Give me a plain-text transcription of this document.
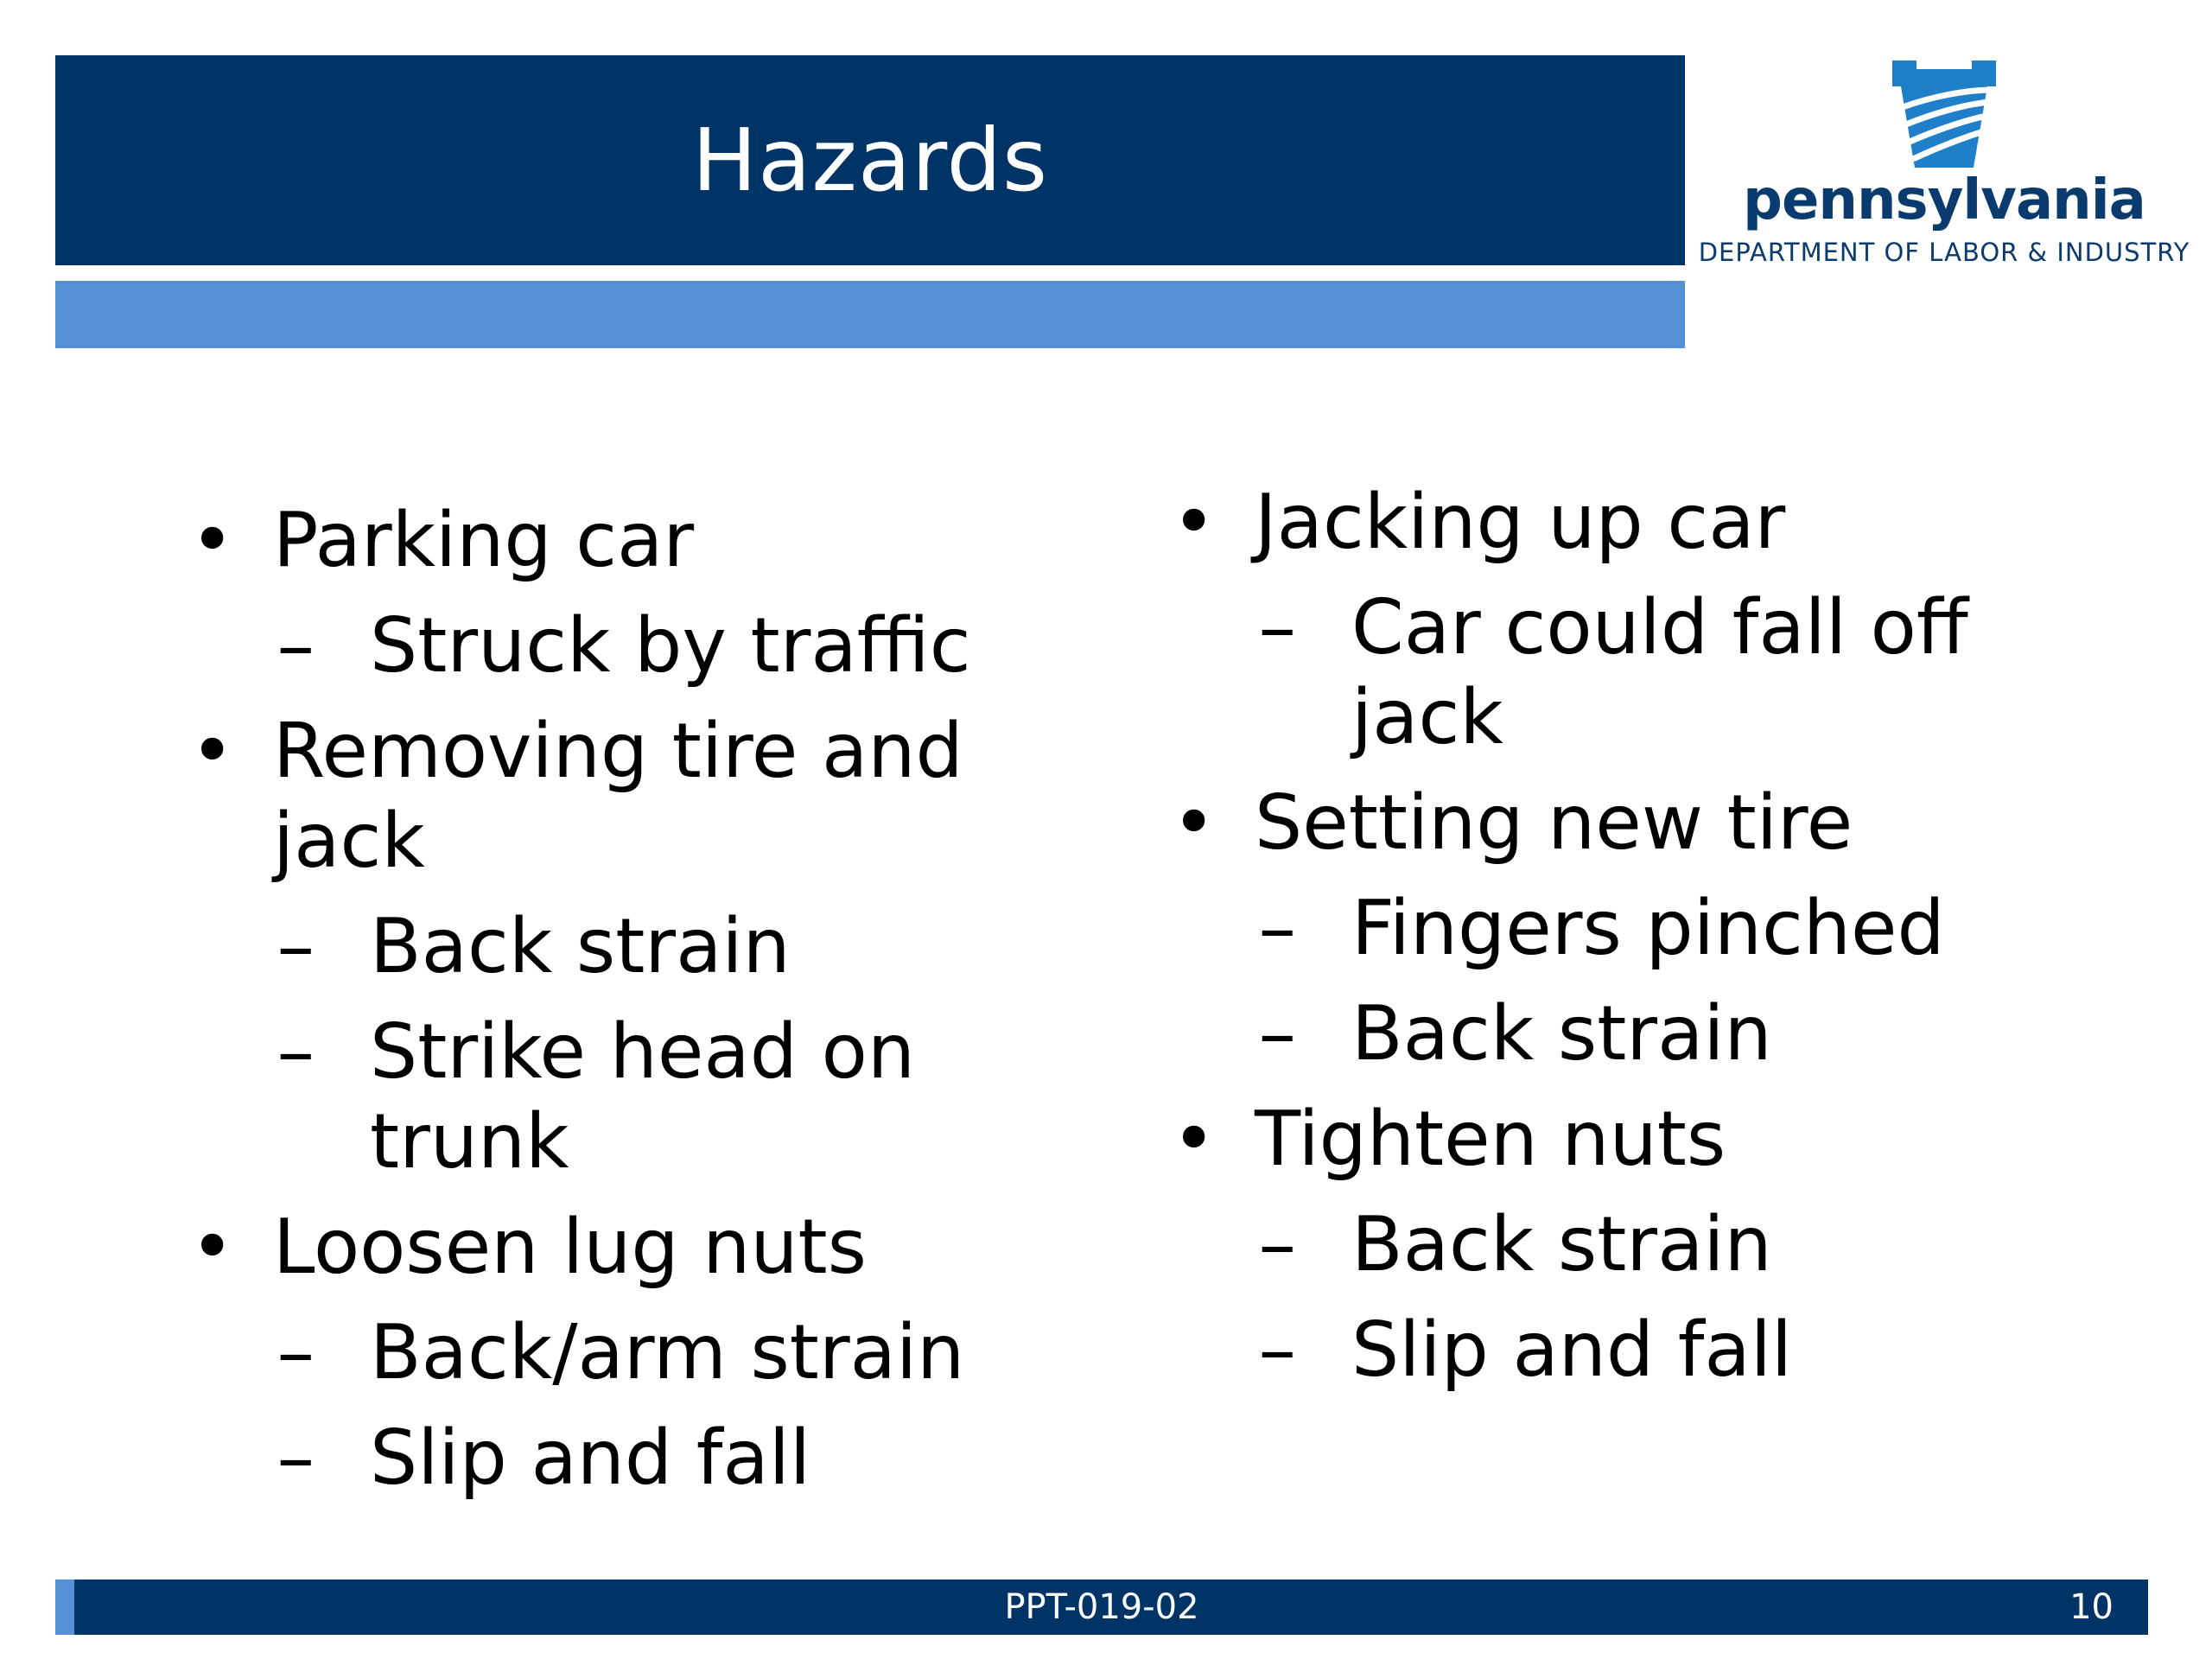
Hazards	pennsylvania
DEPARTMENT OF LABOR & INDUSTRY
• Parking car
– Struck by traffic
• Removing tire and jack
– Back strain
– Strike head on trunk
• Loosen lug nuts
– Back/arm strain
– Slip and fall
• Jacking up car
– Car could fall off jack
• Setting new tire
– Fingers pinched
– Back strain
• Tighten nuts
– Back strain
– Slip and fall
PPT-019-02	10
